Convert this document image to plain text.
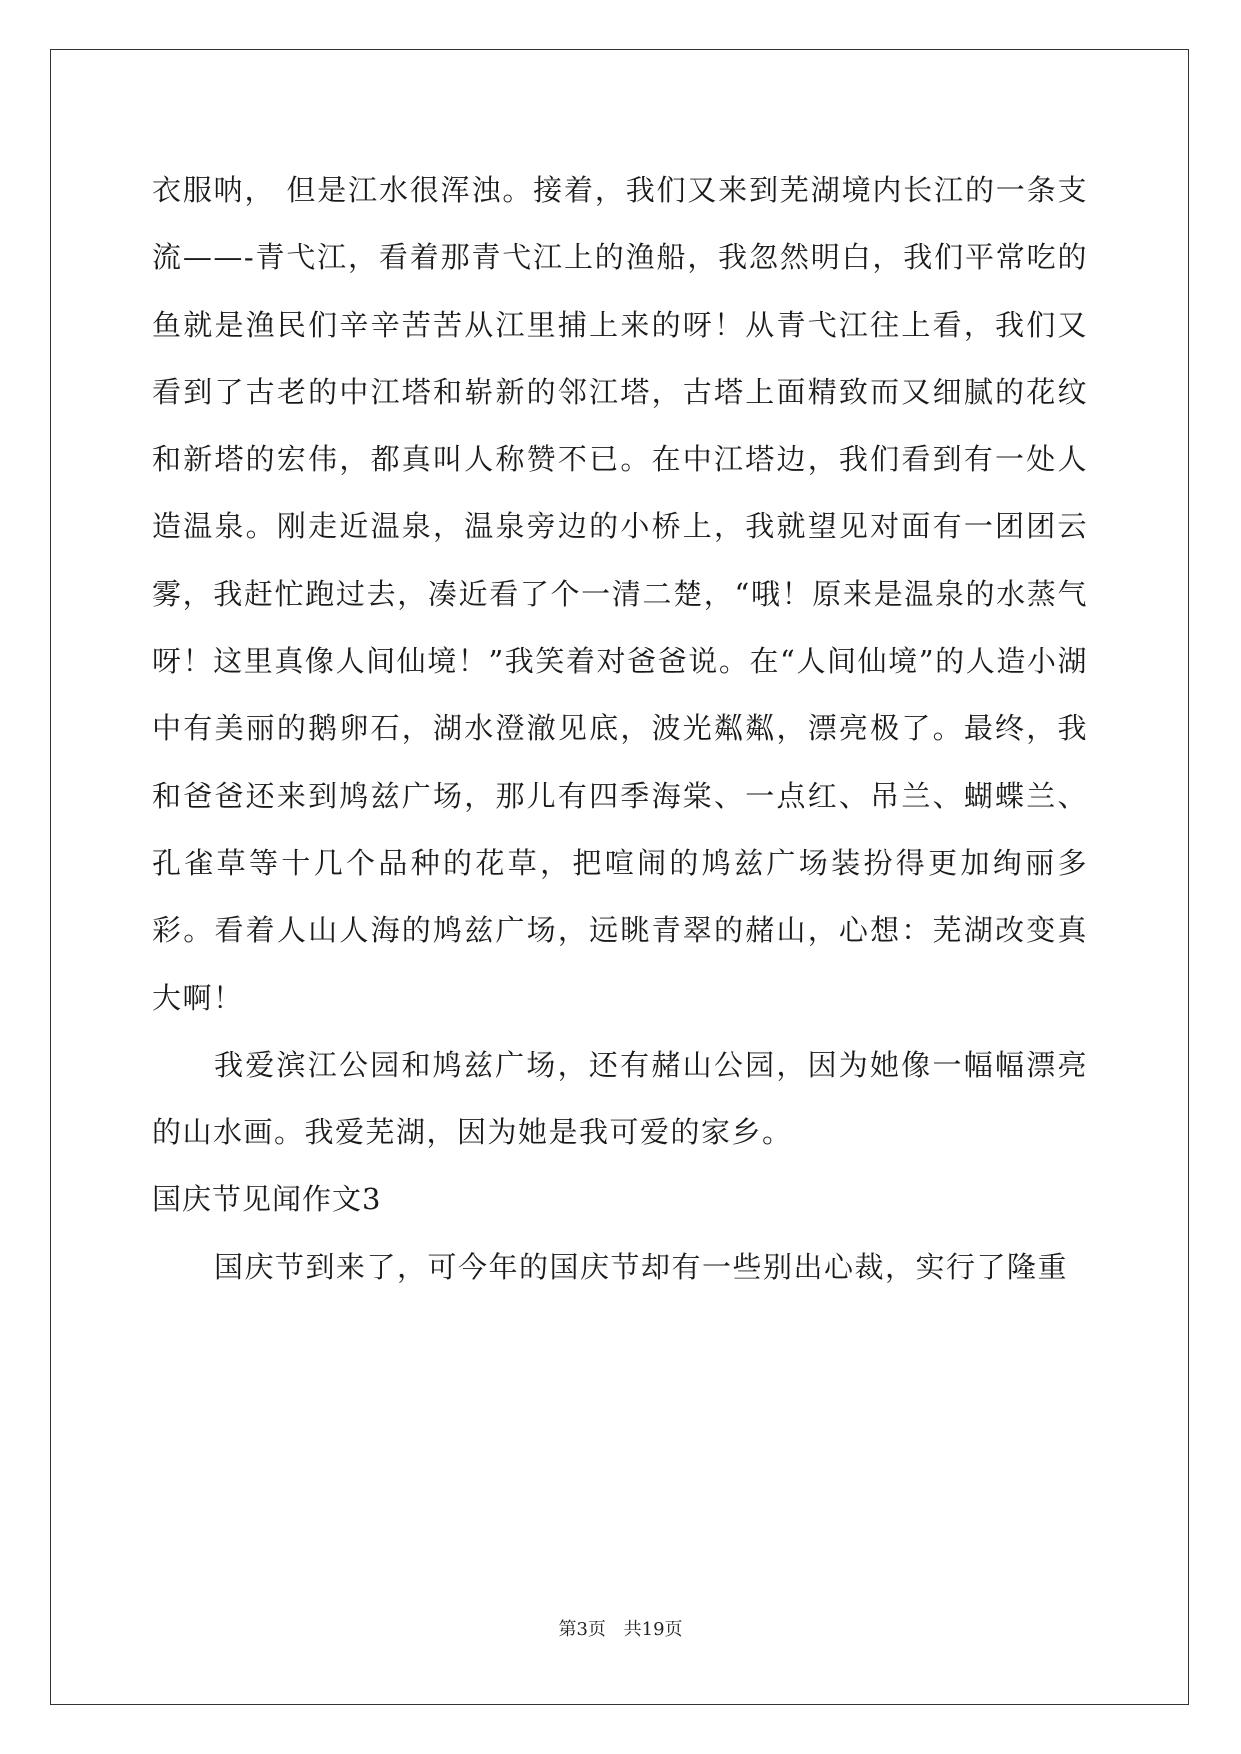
衣服呐， 但是江水很浑浊。接着，我们又来到芜湖境内长江的一条支流——-青弋江，看着那青弋江上的渔船，我忽然明白，我们平常吃的鱼就是渔民们辛辛苦苦从江里捕上来的呀！从青弋江往上看，我们又看到了古老的中江塔和崭新的邻江塔，古塔上面精致而又细腻的花纹和新塔的宏伟，都真叫人称赞不已。在中江塔边，我们看到有一处人造温泉。刚走近温泉，温泉旁边的小桥上，我就望见对面有一团团云雾，我赶忙跑过去，凑近看了个一清二楚，“哦！原来是温泉的水蒸气呀！这里真像人间仙境！”我笑着对爸爸说。在“人间仙境”的人造小湖中有美丽的鹅卵石，湖水澄澈见底，波光粼粼，漂亮极了。最终，我和爸爸还来到鸠兹广场，那儿有四季海棠、一点红、吊兰、蝴蝶兰、孔雀草等十几个品种的花草，把喧闹的鸠兹广场装扮得更加绚丽多彩。看着人山人海的鸠兹广场，远眺青翠的赭山，心想：芜湖改变真大啊！

我爱滨江公园和鸠兹广场，还有赭山公园，因为她像一幅幅漂亮的山水画。我爱芜湖，因为她是我可爱的家乡。

国庆节见闻作文3

国庆节到来了，可今年的国庆节却有一些别出心裁，实行了隆重

第3页 共19页
